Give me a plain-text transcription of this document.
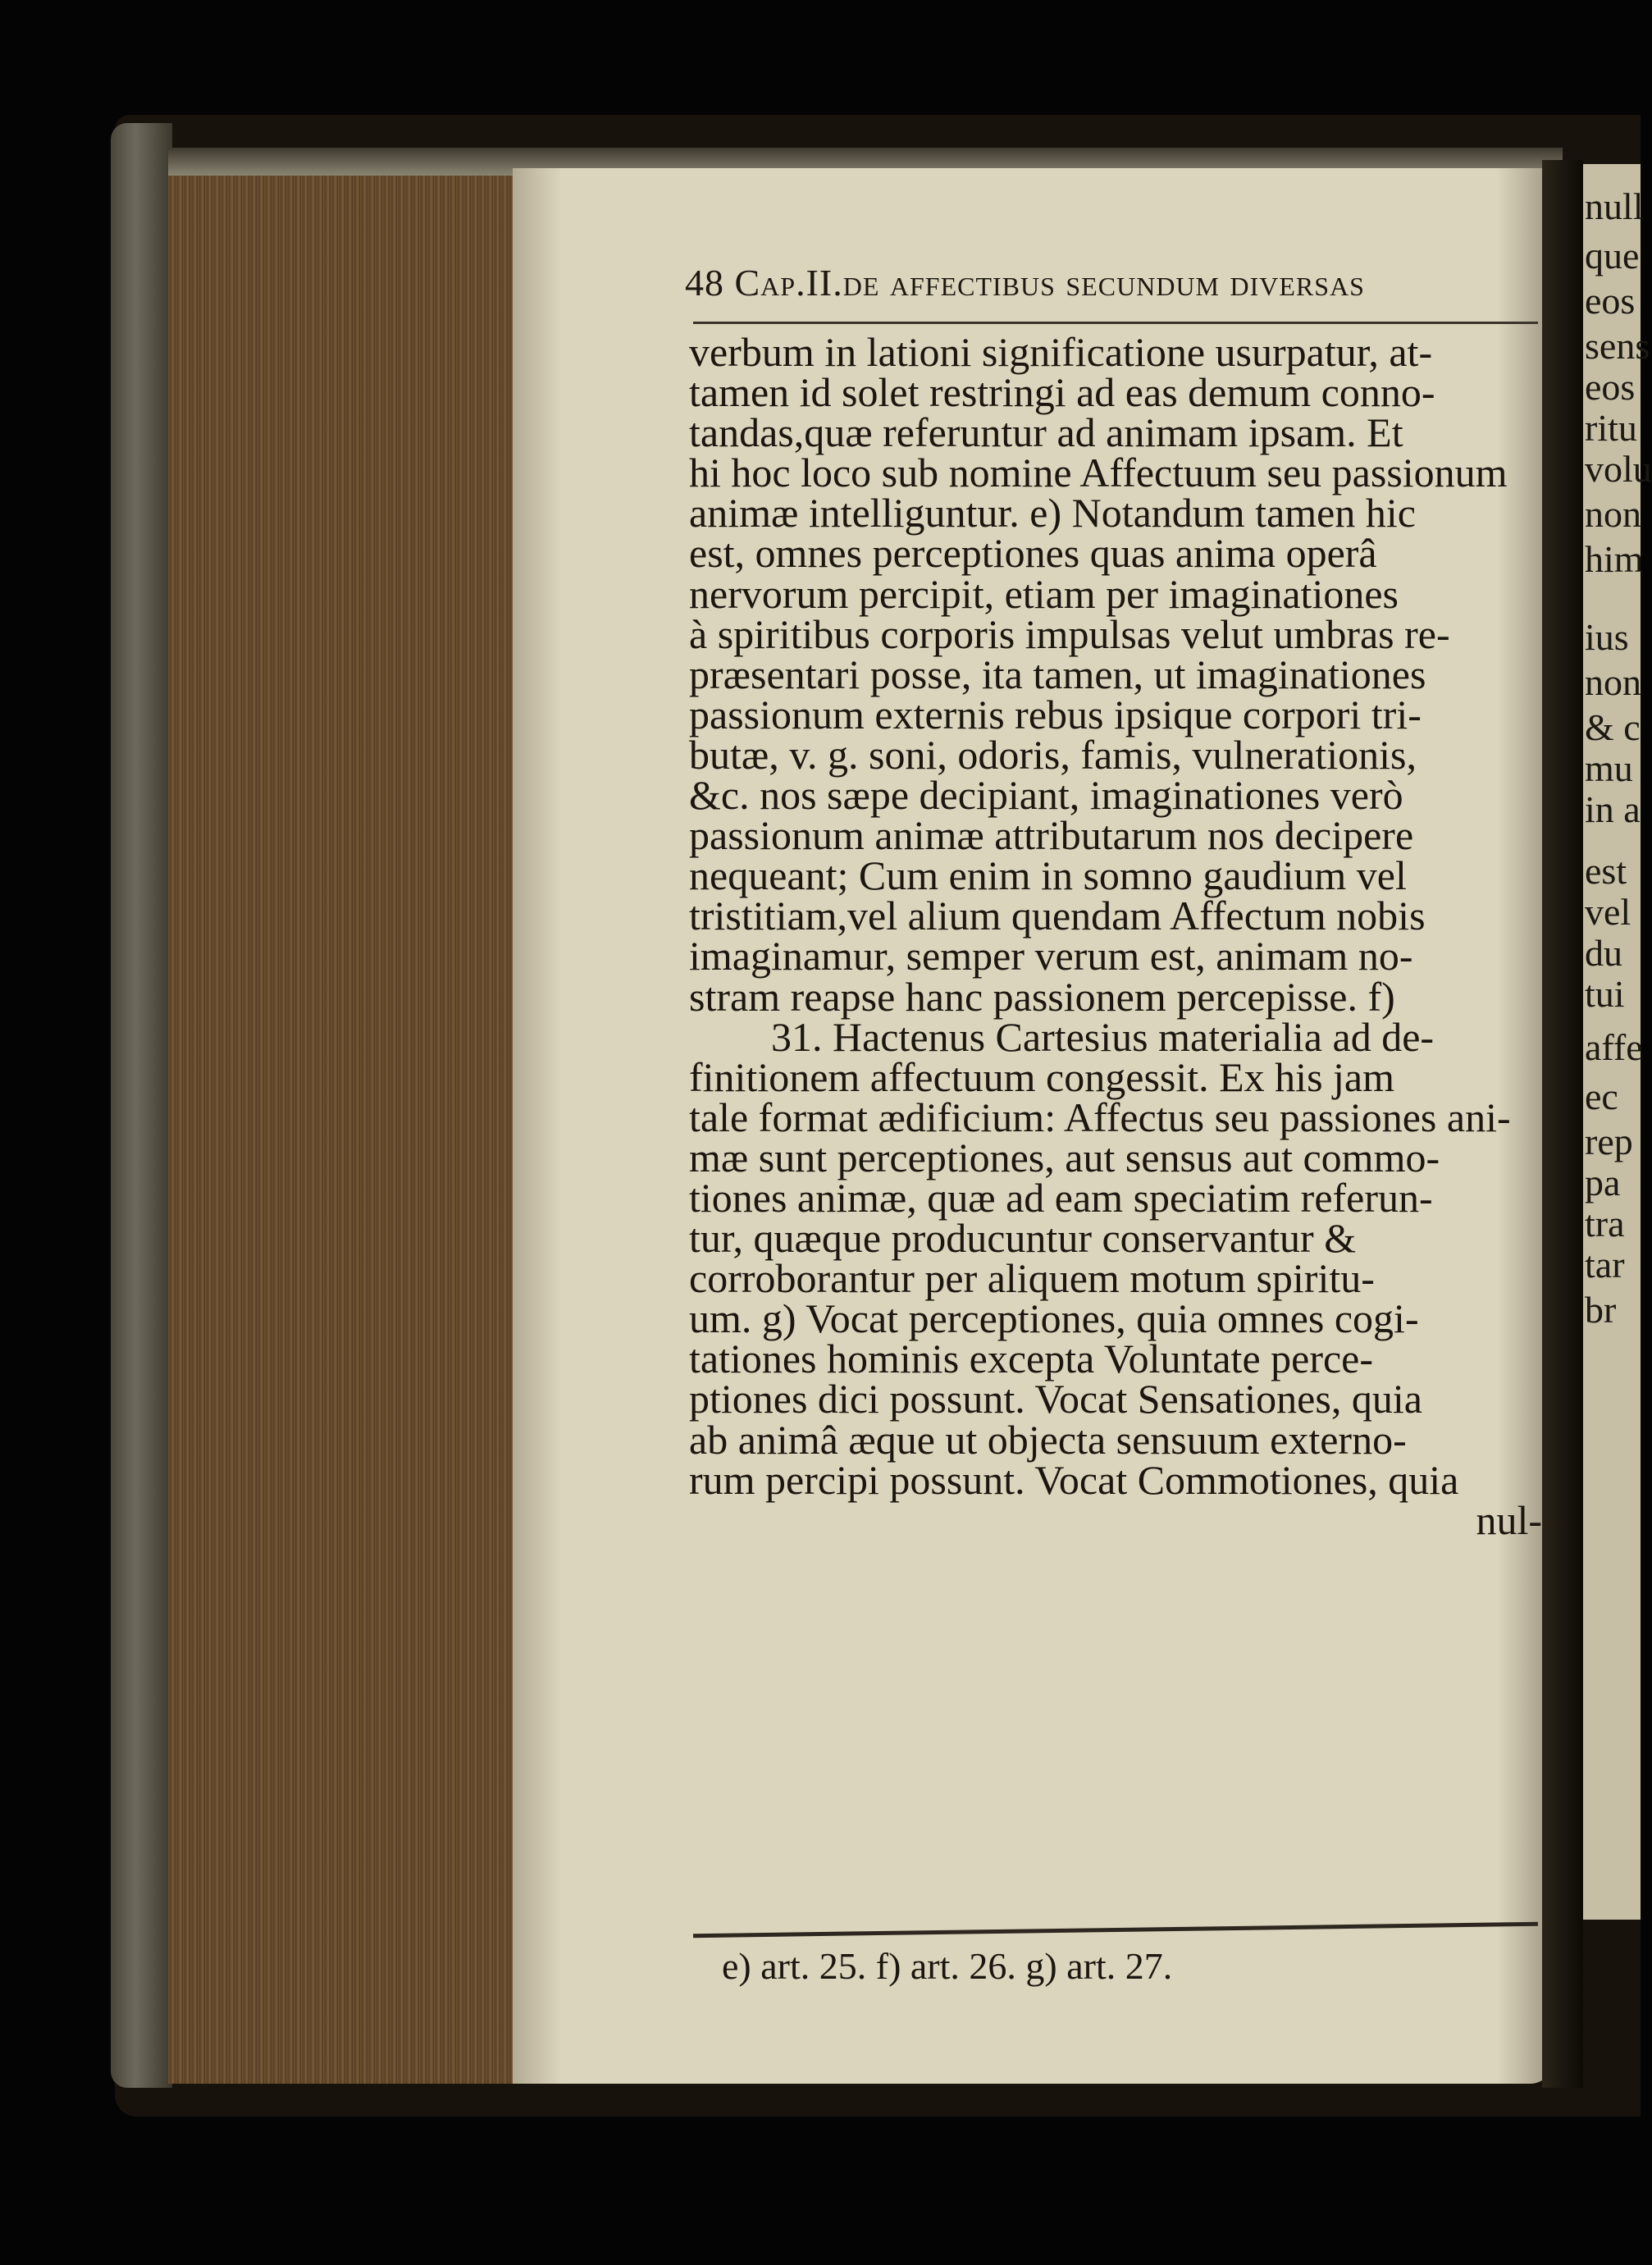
48 Cap.II.de affectibus secundum diversas
verbum in lationi significatione usurpatur, at-
tamen id solet restringi ad eas demum conno-
tandas,quæ referuntur ad animam ipsam. Et
hi hoc loco sub nomine Affectuum seu passionum
animæ intelliguntur. e) Notandum tamen hic
est, omnes perceptiones quas anima operâ
nervorum percipit, etiam per imaginationes
à spiritibus corporis impulsas velut umbras re-
præsentari posse, ita tamen, ut imaginationes
passionum externis rebus ipsique corpori tri-
butæ, v. g. soni, odoris, famis, vulnerationis,
&c. nos sæpe decipiant, imaginationes verò
passionum animæ attributarum nos decipere
nequeant; Cum enim in somno gaudium vel
tristitiam,vel alium quendam Affectum nobis
imaginamur, semper verum est, animam no-
stram reapse hanc passionem percepisse. f)
31. Hactenus Cartesius materialia ad de-
finitionem affectuum congessit. Ex his jam
tale format ædificium: Affectus seu passiones ani-
mæ sunt perceptiones, aut sensus aut commo-
tiones animæ, quæ ad eam speciatim referun-
tur, quæque producuntur conservantur &
corroborantur per aliquem motum spiritu-
um. g) Vocat perceptiones, quia omnes cogi-
tationes hominis excepta Voluntate perce-
ptiones dici possunt. Vocat Sensationes, quia
ab animâ æque ut objecta sensuum externo-
rum percipi possunt. Vocat Commotiones, quia
nul-
e) art. 25. f) art. 26. g) art. 27.
null
que
eos
sens
eos
ritu
volu
non
him
ius
non
& c
mu
in a
est
vel
du
tui
affe
ec
rep
pa
tra
tar
br
